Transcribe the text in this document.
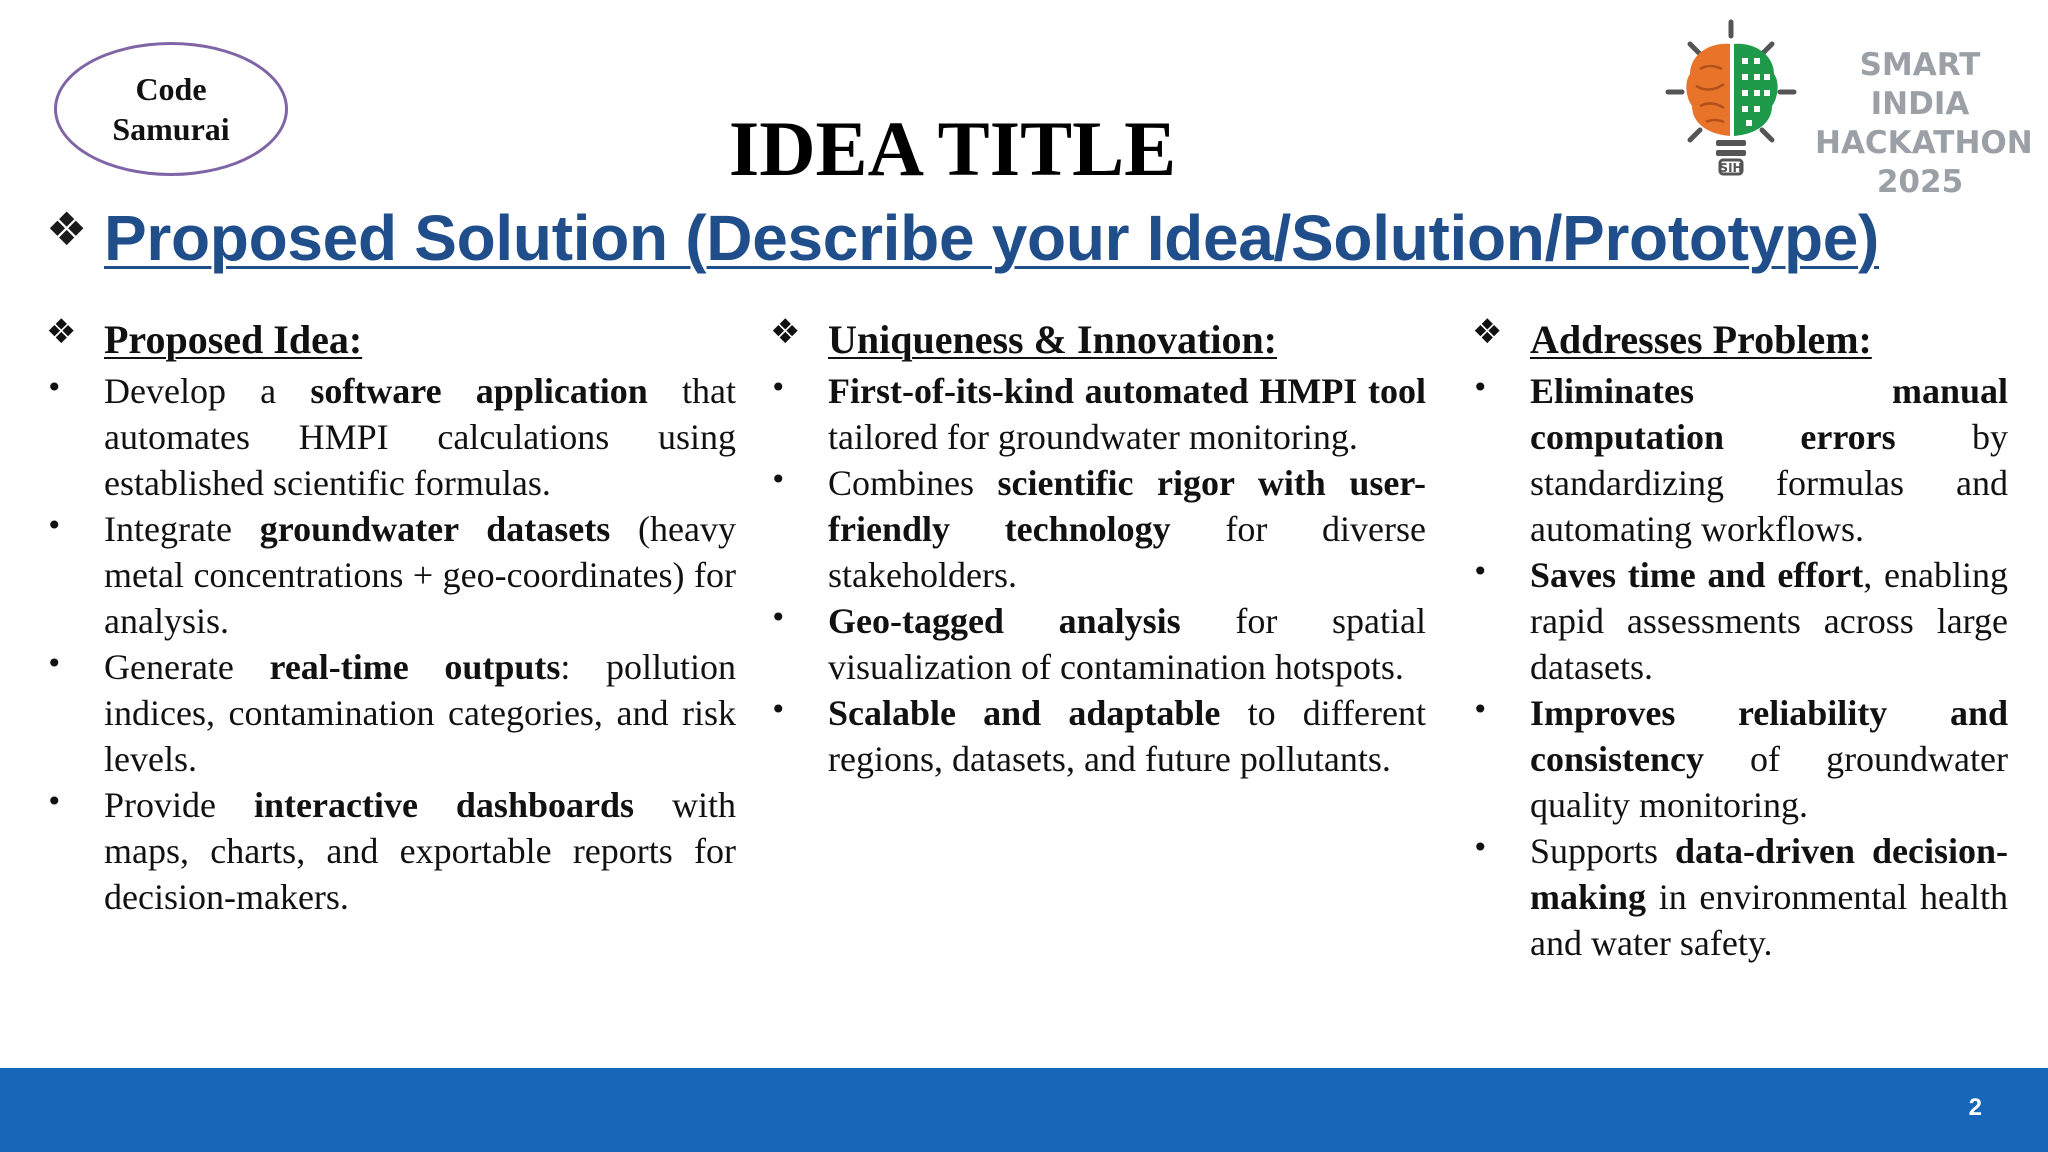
Code
Samurai
SIH
SMART INDIA
HACKATHON
2025
IDEA TITLE
❖ Proposed Solution (Describe your Idea/Solution/Prototype)
❖ Proposed Idea:
• Develop a software application that automates HMPI calculations using established scientific formulas.
• Integrate groundwater datasets (heavy metal concentrations + geo-coordinates) for analysis.
• Generate real-time outputs: pollution indices, contamination categories, and risk levels.
• Provide interactive dashboards with maps, charts, and exportable reports for decision-makers.
❖ Uniqueness & Innovation:
• First-of-its-kind automated HMPI tool tailored for groundwater monitoring.
• Combines scientific rigor with user-friendly technology for diverse stakeholders.
• Geo-tagged analysis for spatial visualization of contamination hotspots.
• Scalable and adaptable to different regions, datasets, and future pollutants.
❖ Addresses Problem:
• Eliminates manual computation errors by standardizing formulas and automating workflows.
• Saves time and effort, enabling rapid assessments across large datasets.
• Improves reliability and consistency of groundwater quality monitoring.
• Supports data-driven decision-making in environmental health and water safety.
2
